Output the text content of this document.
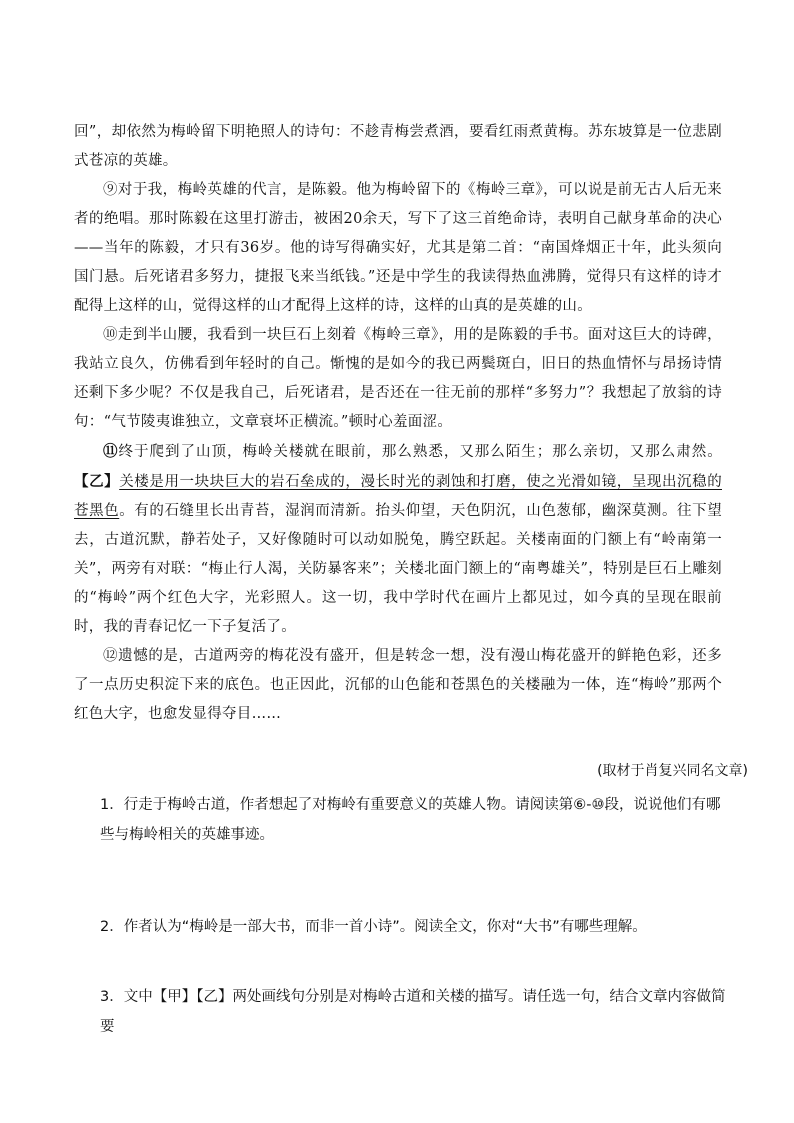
回”，却依然为梅岭留下明艳照人的诗句：不趁青梅尝煮酒，要看红雨煮黄梅。苏东坡算是一位悲剧式苍凉的英雄。

⑨对于我，梅岭英雄的代言，是陈毅。他为梅岭留下的《梅岭三章》，可以说是前无古人后无来者的绝唱。那时陈毅在这里打游击，被困20余天，写下了这三首绝命诗，表明自己献身革命的决心——当年的陈毅，才只有36岁。他的诗写得确实好，尤其是第二首：“南国烽烟正十年，此头须向国门悬。后死诸君多努力，捷报飞来当纸钱。”还是中学生的我读得热血沸腾，觉得只有这样的诗才配得上这样的山，觉得这样的山才配得上这样的诗，这样的山真的是英雄的山。

⑩走到半山腰，我看到一块巨石上刻着《梅岭三章》，用的是陈毅的手书。面对这巨大的诗碑，我站立良久，仿佛看到年轻时的自己。惭愧的是如今的我已两鬓斑白，旧日的热血情怀与昂扬诗情还剩下多少呢？不仅是我自己，后死诸君，是否还在一往无前的那样“多努力”？我想起了放翁的诗句：“气节陵夷谁独立，文章衰坏正横流。”顿时心羞面涩。

⑪终于爬到了山顶，梅岭关楼就在眼前，那么熟悉，又那么陌生；那么亲切，又那么肃然。【乙】关楼是用一块块巨大的岩石垒成的，漫长时光的剥蚀和打磨，使之光滑如镜，呈现出沉稳的苍黑色。有的石缝里长出青苔，湿润而清新。抬头仰望，天色阴沉，山色葱郁，幽深莫测。往下望去，古道沉默，静若处子，又好像随时可以动如脱兔，腾空跃起。关楼南面的门额上有“岭南第一关”，两旁有对联：“梅止行人渴，关防暴客来”；关楼北面门额上的“南粤雄关”，特别是巨石上雕刻的“梅岭”两个红色大字，光彩照人。这一切，我中学时代在画片上都见过，如今真的呈现在眼前时，我的青春记忆一下子复活了。

⑫遗憾的是，古道两旁的梅花没有盛开，但是转念一想，没有漫山梅花盛开的鲜艳色彩，还多了一点历史积淀下来的底色。也正因此，沉郁的山色能和苍黑色的关楼融为一体，连“梅岭”那两个红色大字，也愈发显得夺目……

(取材于肖复兴同名文章)

1．行走于梅岭古道，作者想起了对梅岭有重要意义的英雄人物。请阅读第⑥-⑩段，说说他们有哪些与梅岭相关的英雄事迹。

2．作者认为“梅岭是一部大书，而非一首小诗”。阅读全文，你对“大书”有哪些理解。

3．文中【甲】【乙】两处画线句分别是对梅岭古道和关楼的描写。请任选一句，结合文章内容做简要
